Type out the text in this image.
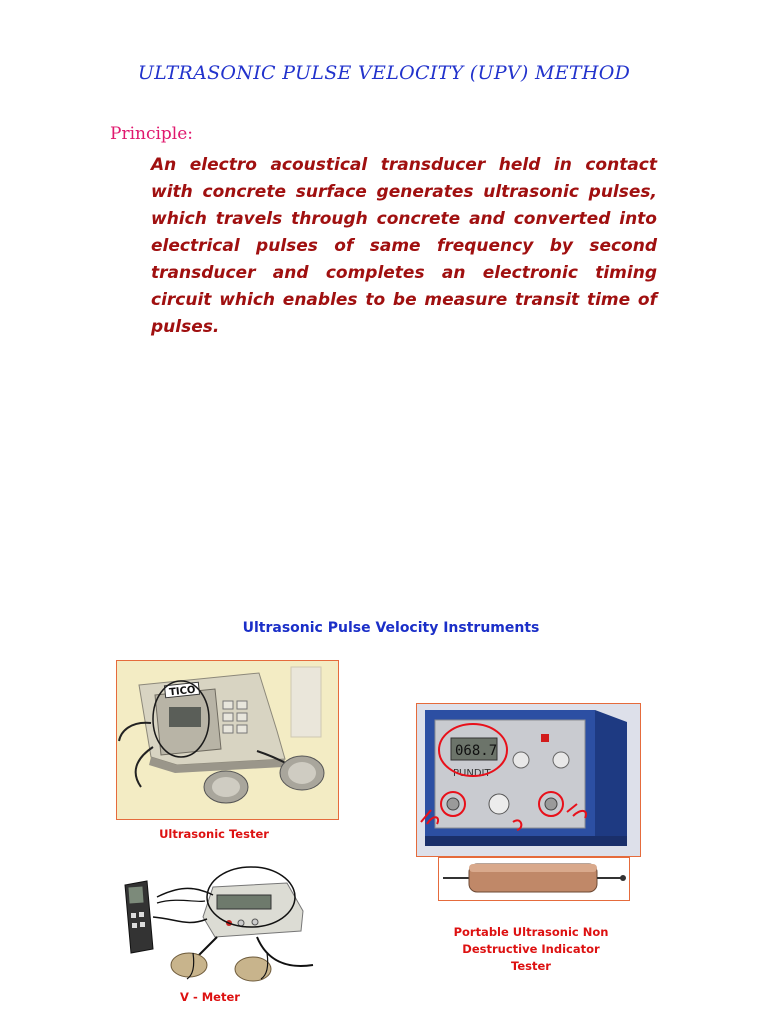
ULTRASONIC PULSE VELOCITY (UPV) METHOD
Principle:
An electro acoustical transducer held in contact with concrete surface generates ultrasonic pulses, which travels through concrete and converted into electrical pulses of same frequency by second transducer and completes an electronic timing circuit which enables to be measure transit time of pulses.
Ultrasonic Pulse Velocity Instruments
TICO
Ultrasonic Tester
068.7
PUNDIT
Portable Ultrasonic Non Destructive Indicator Tester
V - Meter
